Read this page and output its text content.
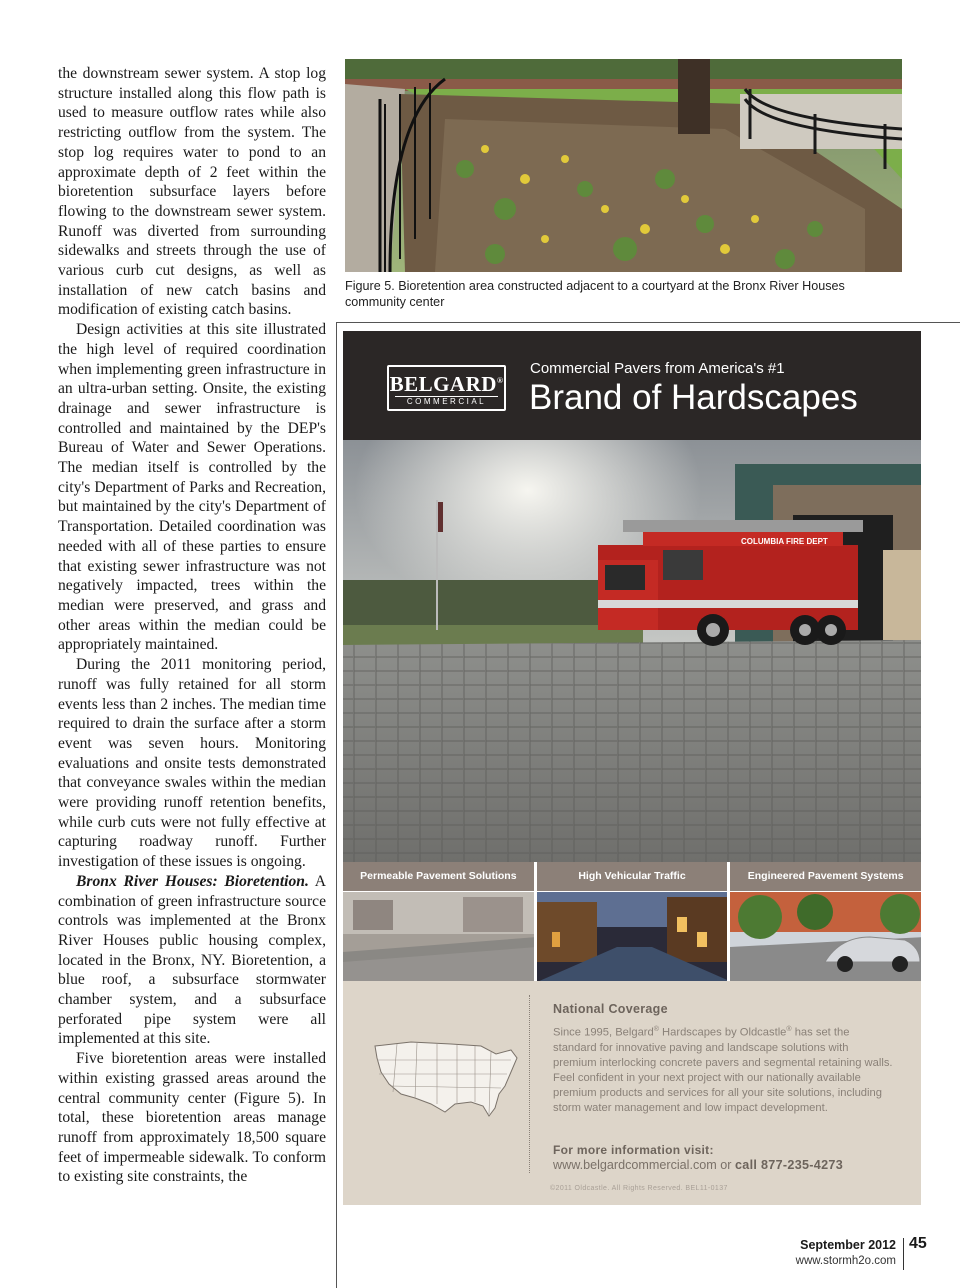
the downstream sewer system. A stop log structure installed along this flow path is used to measure outflow rates while also restricting outflow from the system. The stop log requires water to pond to an approximate depth of 2 feet within the bioretention subsurface layers before flowing to the downstream sewer system. Runoff was diverted from surrounding sidewalks and streets through the use of various curb cut designs, as well as installation of new catch basins and modification of existing catch basins.

Design activities at this site illustrated the high level of required coordination when implementing green infrastructure in an ultra-urban setting. Onsite, the existing drainage and sewer infrastructure is controlled and maintained by the DEP's Bureau of Water and Sewer Operations. The median itself is controlled by the city's Department of Parks and Recreation, but maintained by the city's Department of Transportation. Detailed coordination was needed with all of these parties to ensure that existing sewer infrastructure was not negatively impacted, trees within the median were preserved, and grass and other areas within the median could be appropriately maintained.

During the 2011 monitoring period, runoff was fully retained for all storm events less than 2 inches. The median time required to drain the surface after a storm event was seven hours. Monitoring evaluations and onsite tests demonstrated that conveyance swales within the median were providing runoff retention benefits, while curb cuts were not fully effective at capturing roadway runoff. Further investigation of these issues is ongoing.

Bronx River Houses: Bioretention. A combination of green infrastructure source controls was implemented at the Bronx River Houses public housing complex, located in the Bronx, NY. Bioretention, a blue roof, a subsurface stormwater chamber system, and a subsurface perforated pipe system were all implemented at this site.

Five bioretention areas were installed within existing grassed areas around the central community center (Figure 5). In total, these bioretention areas manage runoff from approximately 18,500 square feet of impermeable sidewalk. To conform to existing site constraints, the

Figure 5. Bioretention area constructed adjacent to a courtyard at the Bronx River Houses community center
BELGARD®
COMMERCIAL
Commercial Pavers from America's #1
Brand of Hardscapes
COLUMBIA FIRE DEPT
Permeable Pavement Solutions	High Vehicular Traffic	Engineered Pavement Systems
National Coverage
Since 1995, Belgard® Hardscapes by Oldcastle® has set the standard for innovative paving and landscape solutions with premium interlocking concrete pavers and segmental retaining walls. Feel confident in your next project with our nationally available premium products and services for all your site solutions, including storm water management and low impact development.
For more information visit:
www.belgardcommercial.com or call 877-235-4273
©2011 Oldcastle. All Rights Reserved. BEL11-0137
September 2012 45
www.stormh2o.com
